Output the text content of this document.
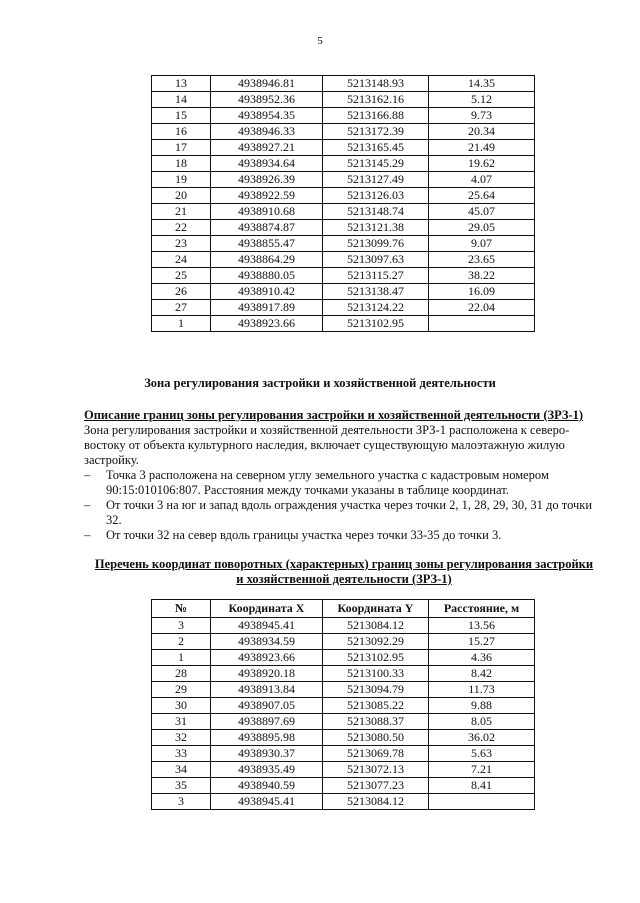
5
13	4938946.81	5213148.93	14.35
14	4938952.36	5213162.16	5.12
15	4938954.35	5213166.88	9.73
16	4938946.33	5213172.39	20.34
17	4938927.21	5213165.45	21.49
18	4938934.64	5213145.29	19.62
19	4938926.39	5213127.49	4.07
20	4938922.59	5213126.03	25.64
21	4938910.68	5213148.74	45.07
22	4938874.87	5213121.38	29.05
23	4938855.47	5213099.76	9.07
24	4938864.29	5213097.63	23.65
25	4938880.05	5213115.27	38.22
26	4938910.42	5213138.47	16.09
27	4938917.89	5213124.22	22.04
1	4938923.66	5213102.95	
Зона регулирования застройки и хозяйственной деятельности
Описание границ зоны регулирования застройки и хозяйственной деятельности (ЗРЗ-1)
Зона регулирования застройки и хозяйственной деятельности ЗРЗ-1 расположена к северо-востоку от объекта культурного наследия, включает существующую малоэтажную жилую застройку.
– Точка 3 расположена на северном углу земельного участка с кадастровым номером 90:15:010106:807. Расстояния между точками указаны в таблице координат.
– От точки 3 на юг и запад вдоль ограждения участка через точки 2, 1, 28, 29, 30, 31 до точки 32.
– От точки 32 на север вдоль границы участка через точки 33-35 до точки 3.
Перечень координат поворотных (характерных) границ зоны регулирования застройки
и хозяйственной деятельности (ЗРЗ-1)
№	Координата X	Координата Y	Расстояние, м
3	4938945.41	5213084.12	13.56
2	4938934.59	5213092.29	15.27
1	4938923.66	5213102.95	4.36
28	4938920.18	5213100.33	8.42
29	4938913.84	5213094.79	11.73
30	4938907.05	5213085.22	9.88
31	4938897.69	5213088.37	8.05
32	4938895.98	5213080.50	36.02
33	4938930.37	5213069.78	5.63
34	4938935.49	5213072.13	7.21
35	4938940.59	5213077.23	8.41
3	4938945.41	5213084.12	
